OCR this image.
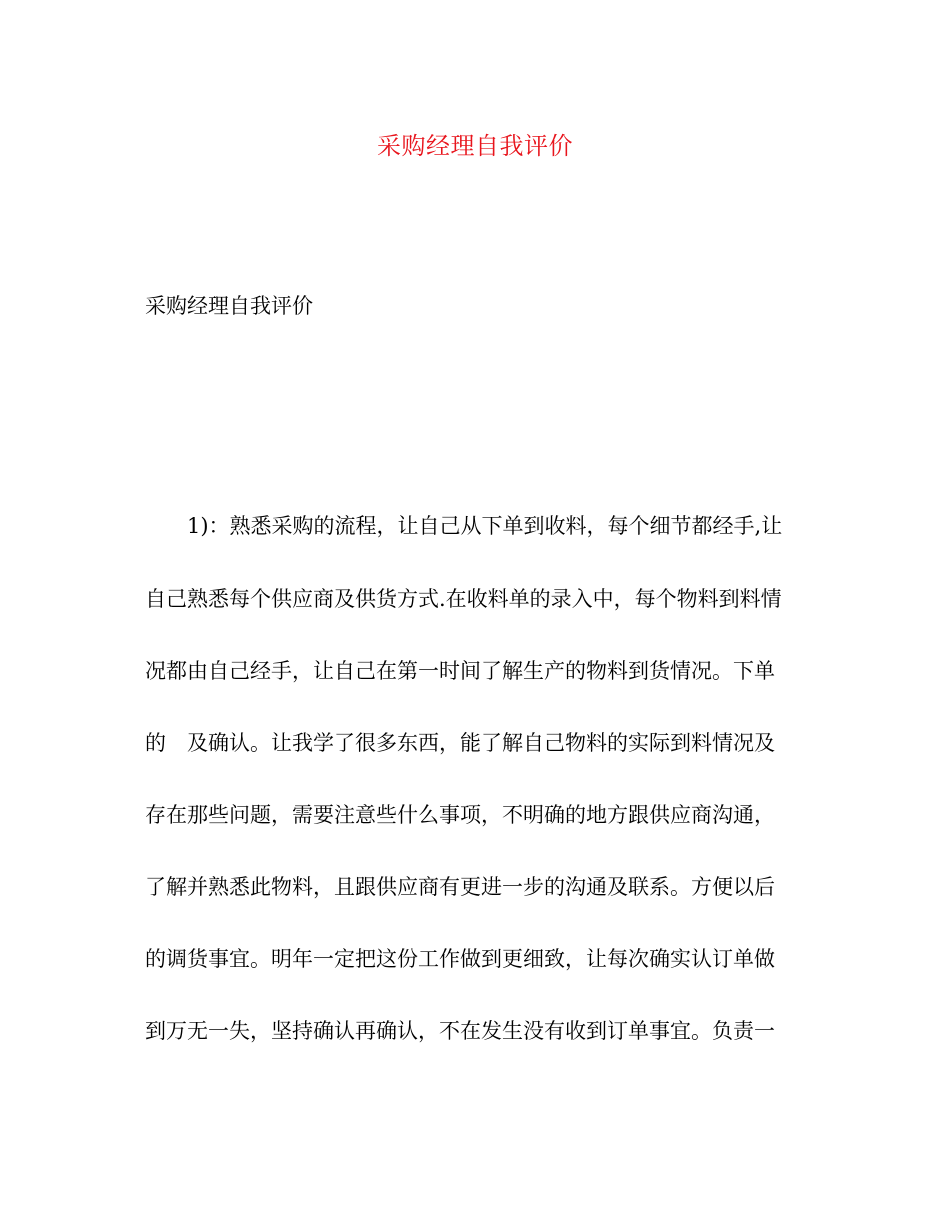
采购经理自我评价
采购经理自我评价
　　1)：熟悉采购的流程，让自己从下单到收料，每个细节都经手,让
自己熟悉每个供应商及供货方式.在收料单的录入中，每个物料到料情
况都由自己经手，让自己在第一时间了解生产的物料到货情况。下单
的　及确认。让我学了很多东西，能了解自己物料的实际到料情况及
存在那些问题，需要注意些什么事项，不明确的地方跟供应商沟通，
了解并熟悉此物料，且跟供应商有更进一步的沟通及联系。方便以后
的调货事宜。明年一定把这份工作做到更细致，让每次确实认订单做
到万无一失，坚持确认再确认，不在发生没有收到订单事宜。负责一
